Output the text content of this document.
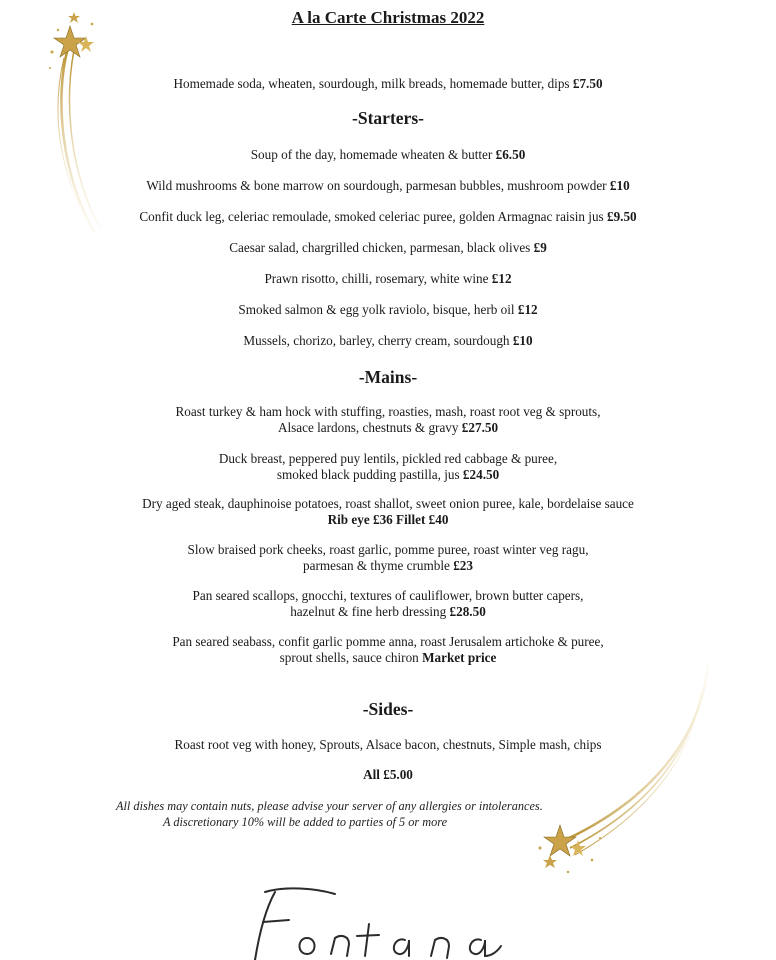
A la Carte Christmas 2022
Homemade soda, wheaten, sourdough, milk breads, homemade butter, dips £7.50
-Starters-
Soup of the day, homemade wheaten & butter £6.50
Wild mushrooms & bone marrow on sourdough, parmesan bubbles, mushroom powder £10
Confit duck leg, celeriac remoulade, smoked celeriac puree, golden Armagnac raisin jus £9.50
Caesar salad, chargrilled chicken, parmesan, black olives £9
Prawn risotto, chilli, rosemary, white wine £12
Smoked salmon & egg yolk raviolo, bisque, herb oil £12
Mussels, chorizo, barley, cherry cream, sourdough £10
-Mains-
Roast turkey & ham hock with stuffing, roasties, mash, roast root veg & sprouts,
Alsace lardons, chestnuts & gravy £27.50
Duck breast, peppered puy lentils, pickled red cabbage & puree,
smoked black pudding pastilla, jus £24.50
Dry aged steak, dauphinoise potatoes, roast shallot, sweet onion puree, kale, bordelaise sauce
Rib eye £36 Fillet £40
Slow braised pork cheeks, roast garlic, pomme puree, roast winter veg ragu,
parmesan & thyme crumble £23
Pan seared scallops, gnocchi, textures of cauliflower, brown butter capers,
hazelnut & fine herb dressing £28.50
Pan seared seabass, confit garlic pomme anna, roast Jerusalem artichoke & puree,
sprout shells, sauce chiron Market price
-Sides-
Roast root veg with honey, Sprouts, Alsace bacon, chestnuts, Simple mash, chips
All £5.00
All dishes may contain nuts, please advise your server of any allergies or intolerances.
A discretionary 10% will be added to parties of 5 or more
